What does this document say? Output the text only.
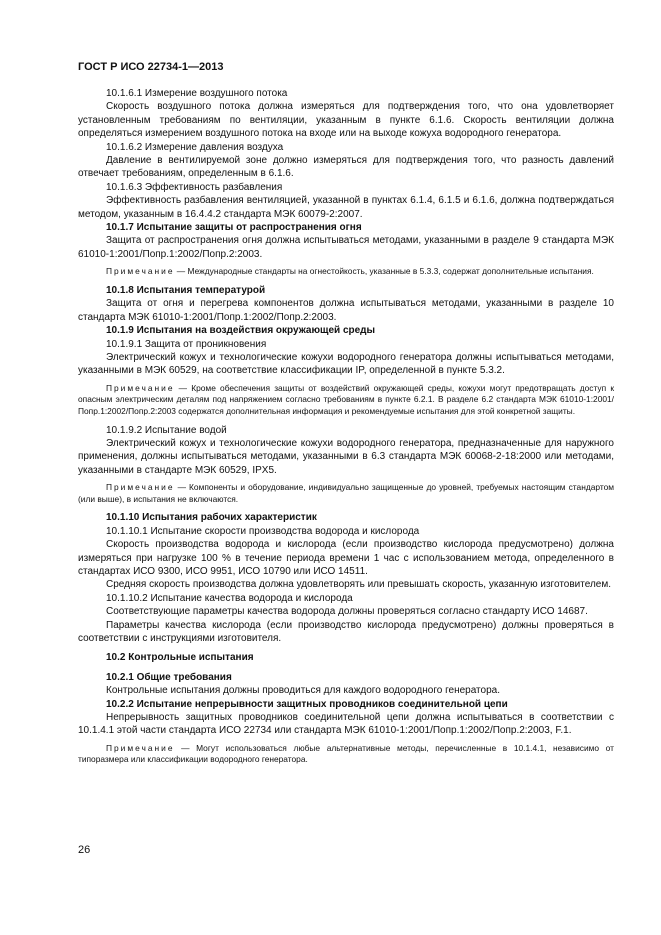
ГОСТ Р ИСО 22734-1—2013

10.1.6.1 Измерение воздушного потока

Скорость воздушного потока должна измеряться для подтверждения того, что она удовлетворяет установленным требованиям по вентиляции, указанным в пункте 6.1.6. Скорость вентиляции должна определяться измерением воздушного потока на входе или на выходе кожуха водородного генератора.

10.1.6.2 Измерение давления воздуха

Давление в вентилируемой зоне должно измеряться для подтверждения того, что разность давлений отвечает требованиям, определенным в 6.1.6.

10.1.6.3 Эффективность разбавления

Эффективность разбавления вентиляцией, указанной в пунктах 6.1.4, 6.1.5 и 6.1.6, должна подтверждаться методом, указанным в 16.4.4.2 стандарта МЭК 60079-2:2007.

10.1.7 Испытание защиты от распространения огня

Защита от распространения огня должна испытываться методами, указанными в разделе 9 стандарта МЭК 61010-1:2001/Попр.1:2002/Попр.2:2003.

Примечание — Международные стандарты на огнестойкость, указанные в 5.3.3, содержат дополнительные испытания.

10.1.8 Испытания температурой

Защита от огня и перегрева компонентов должна испытываться методами, указанными в разделе 10 стандарта МЭК 61010-1:2001/Попр.1:2002/Попр.2:2003.

10.1.9 Испытания на воздействия окружающей среды

10.1.9.1 Защита от проникновения

Электрический кожух и технологические кожухи водородного генератора должны испытываться методами, указанными в МЭК 60529, на соответствие классификации IP, определенной в пункте 5.3.2.

Примечание — Кроме обеспечения защиты от воздействий окружающей среды, кожухи могут предотвращать доступ к опасным электрическим деталям под напряжением согласно требованиям в пункте 6.2.1. В разделе 6.2 стандарта МЭК 61010-1:2001/Попр.1:2002/Попр.2:2003 содержатся дополнительная информация и рекомендуемые испытания для этой конкретной защиты.

10.1.9.2 Испытание водой

Электрический кожух и технологические кожухи водородного генератора, предназначенные для наружного применения, должны испытываться методами, указанными в 6.3 стандарта МЭК 60068-2-18:2000 или методами, указанными в стандарте МЭК 60529, IPX5.

Примечание — Компоненты и оборудование, индивидуально защищенные до уровней, требуемых настоящим стандартом (или выше), в испытания не включаются.

10.1.10 Испытания рабочих характеристик

10.1.10.1 Испытание скорости производства водорода и кислорода

Скорость производства водорода и кислорода (если производство кислорода предусмотрено) должна измеряться при нагрузке 100 % в течение периода времени 1 час с использованием метода, определенного в стандартах ИСО 9300, ИСО 9951, ИСО 10790 или ИСО 14511.

Средняя скорость производства должна удовлетворять или превышать скорость, указанную изготовителем.

10.1.10.2 Испытание качества водорода и кислорода

Соответствующие параметры качества водорода должны проверяться согласно стандарту ИСО 14687.

Параметры качества кислорода (если производство кислорода предусмотрено) должны проверяться в соответствии с инструкциями изготовителя.

10.2 Контрольные испытания

10.2.1 Общие требования

Контрольные испытания должны проводиться для каждого водородного генератора.

10.2.2 Испытание непрерывности защитных проводников соединительной цепи

Непрерывность защитных проводников соединительной цепи должна испытываться в соответствии с 10.1.4.1 этой части стандарта ИСО 22734 или стандарта МЭК 61010-1:2001/Попр.1:2002/Попр.2:2003, F.1.

Примечание — Могут использоваться любые альтернативные методы, перечисленные в 10.1.4.1, независимо от типоразмера или классификации водородного генератора.

26
